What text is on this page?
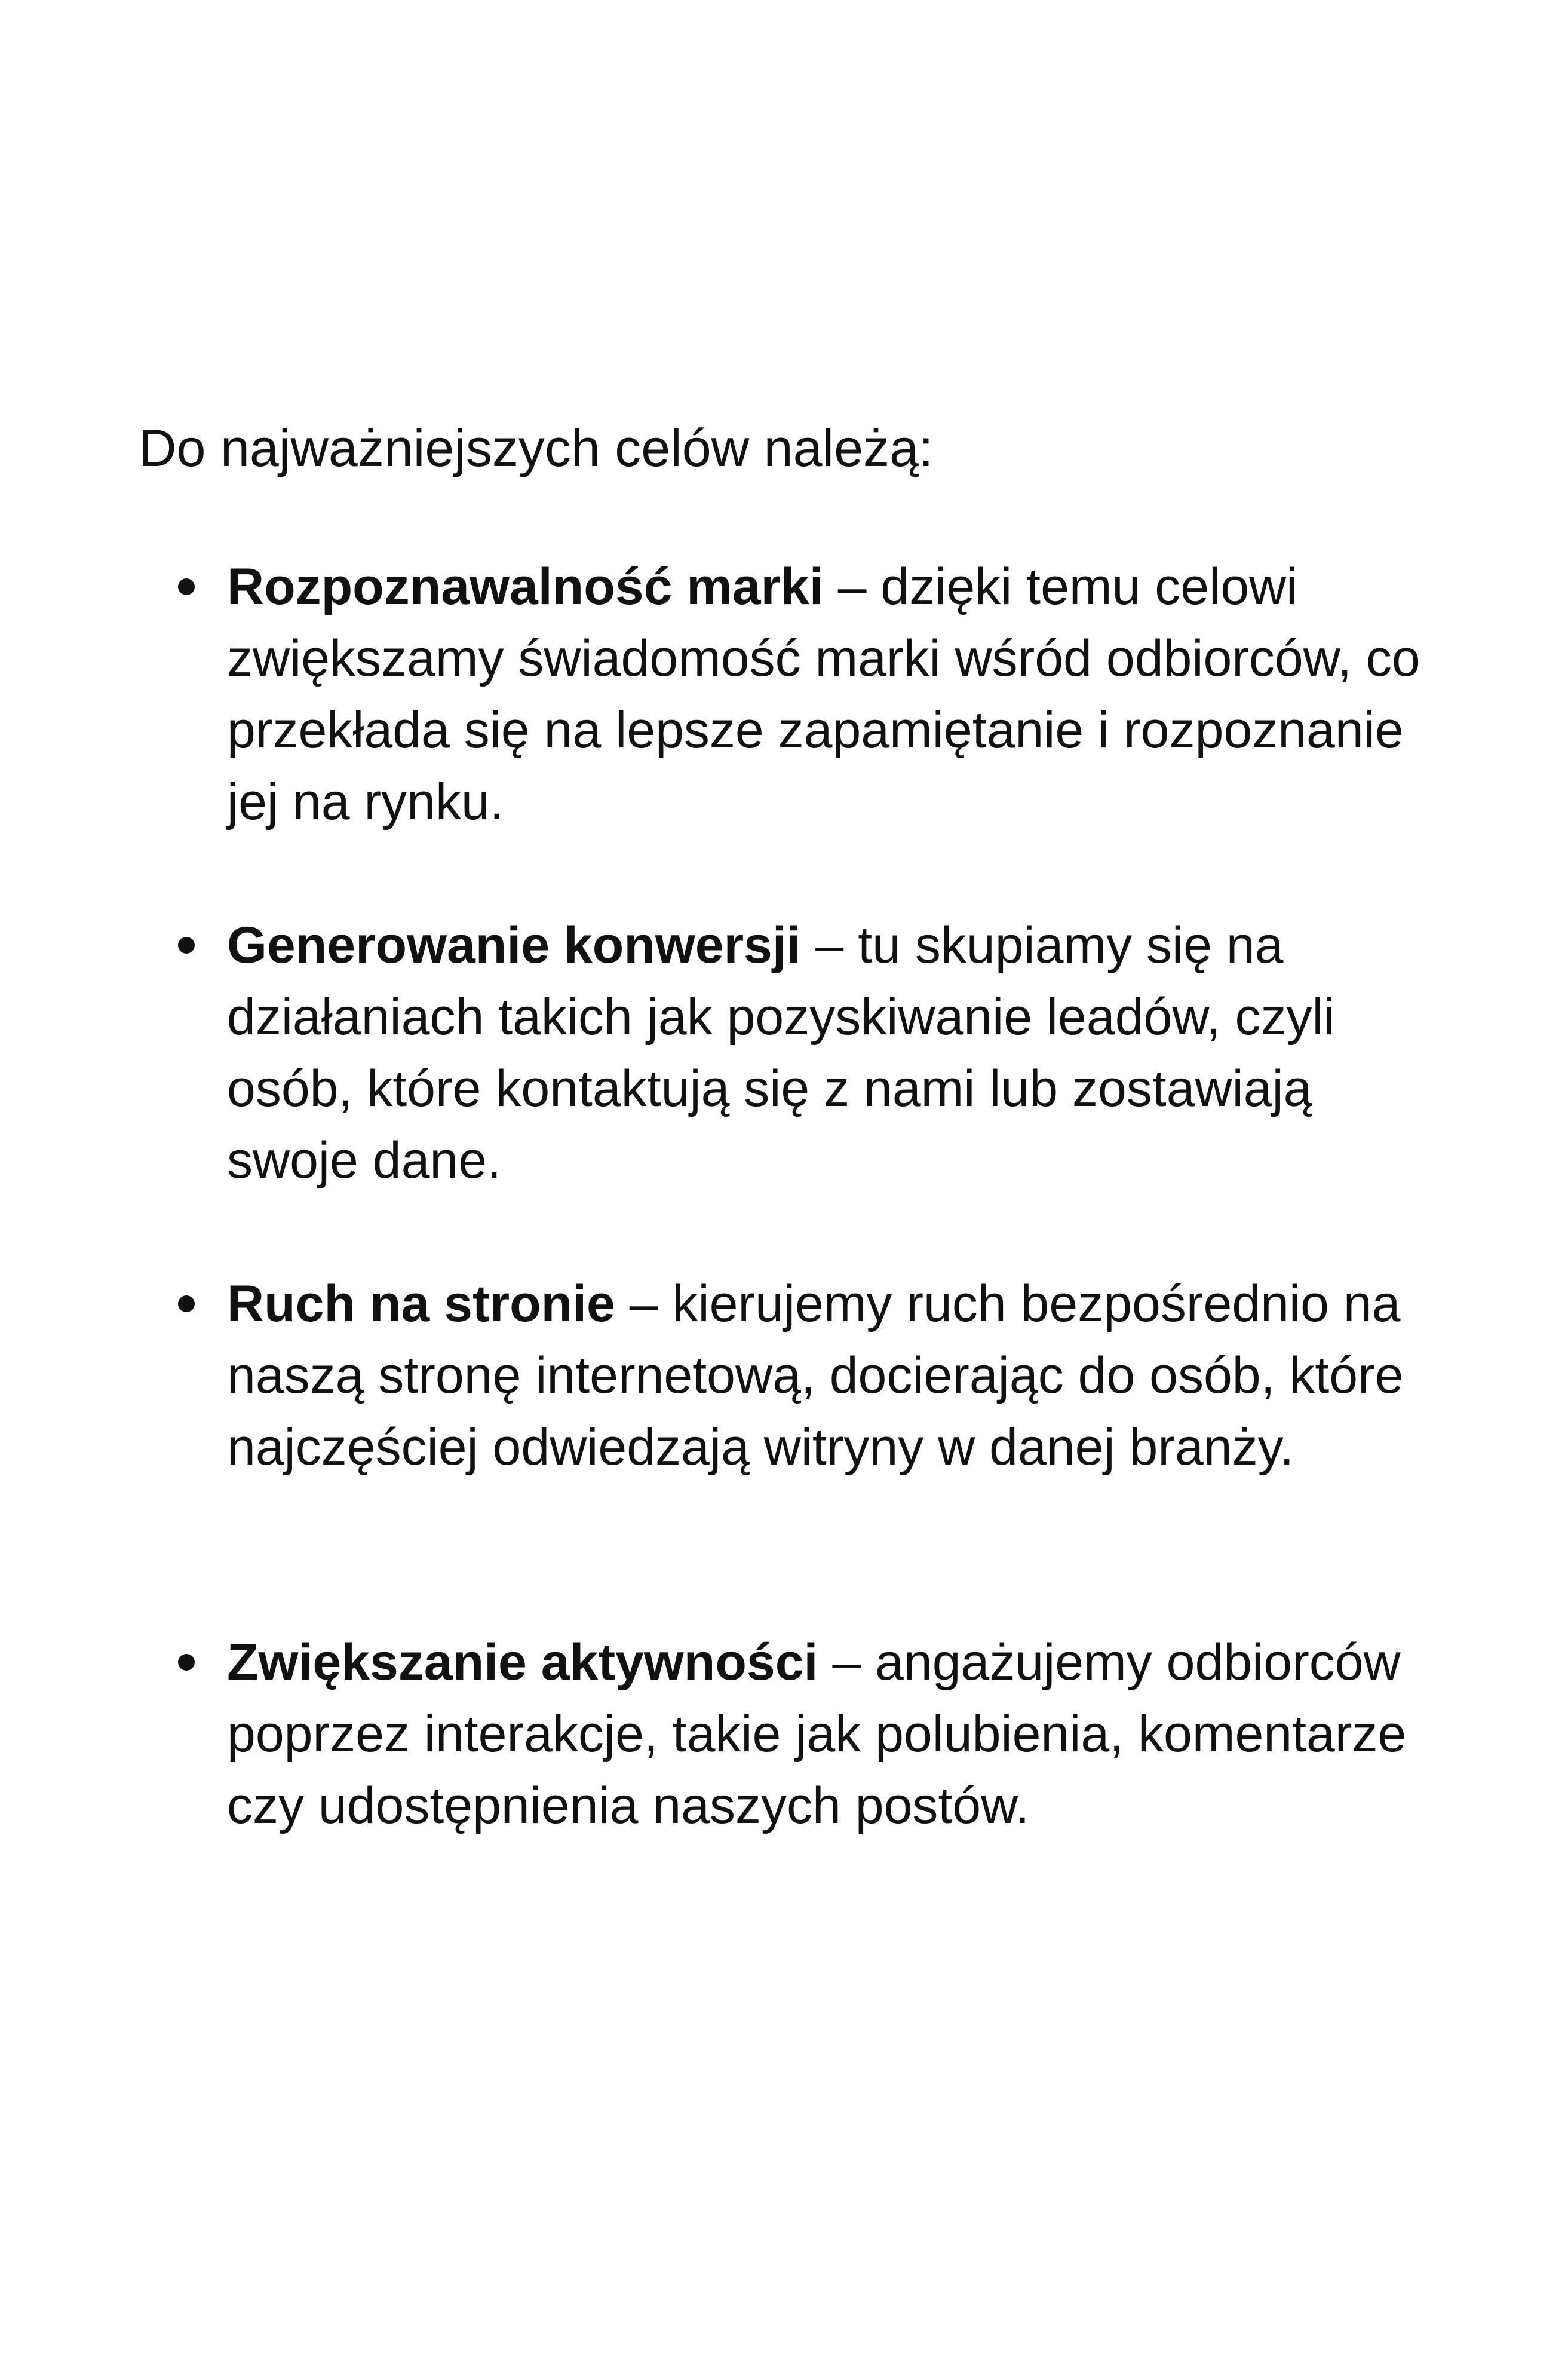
Do najważniejszych celów należą:

Rozpoznawalność marki – dzięki temu celowi zwiększamy świadomość marki wśród odbiorców, co przekłada się na lepsze zapamiętanie i rozpoznanie jej na rynku.

Generowanie konwersji – tu skupiamy się na działaniach takich jak pozyskiwanie leadów, czyli osób, które kontaktują się z nami lub zostawiają swoje dane.

Ruch na stronie – kierujemy ruch bezpośrednio na naszą stronę internetową, docierając do osób, które najczęściej odwiedzają witryny w danej branży.

Zwiększanie aktywności – angażujemy odbiorców poprzez interakcje, takie jak polubienia, komentarze czy udostępnienia naszych postów.
